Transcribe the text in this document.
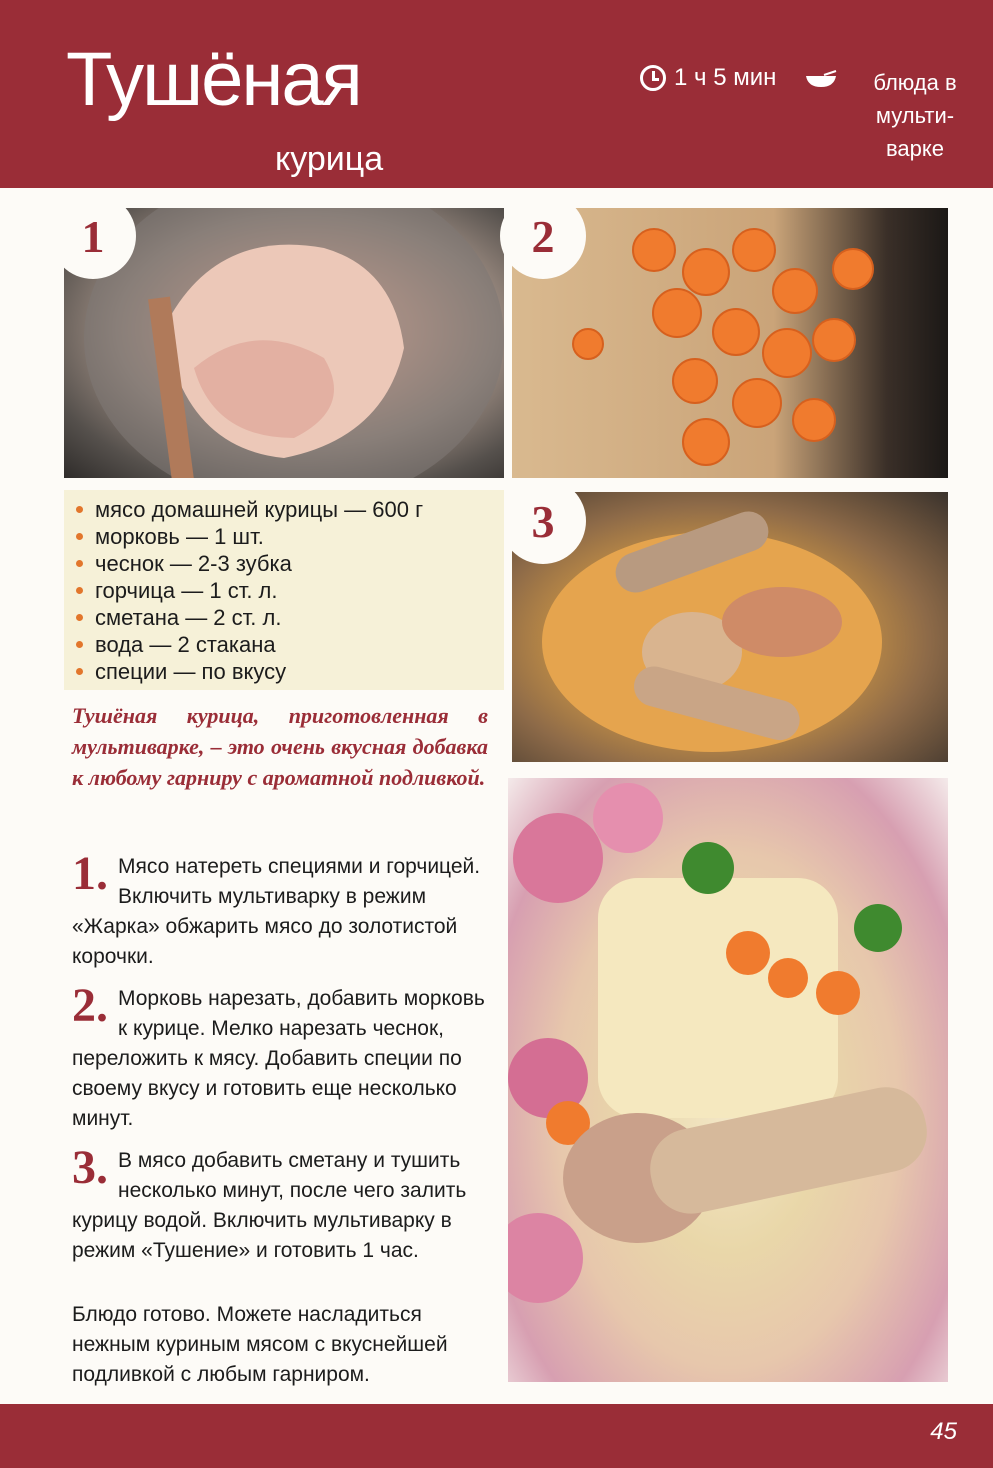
Тушёная
курица
1 ч 5 мин	блюда в
мульти-
варке
1	2
3
мясо домашней курицы — 600 г
морковь — 1 шт.
чеснок — 2-3 зубка
горчица — 1 ст. л.
сметана — 2 ст. л.
вода — 2 стакана
специи — по вкусу
Тушёная курица, приготовленная в мультиварке, – это очень вкусная добавка к любому гарниру с ароматной подливкой.
1. Мясо натереть специями и горчицей. Включить мультиварку в режим «Жарка» обжарить мясо до золотистой корочки.
2. Морковь нарезать, добавить морковь к курице. Мелко нарезать чеснок, переложить к мясу. Добавить специи по своему вкусу и готовить еще несколько минут.
3. В мясо добавить сметану и тушить несколько минут, после чего залить курицу водой. Включить мультиварку в режим «Тушение» и готовить 1 час.
Блюдо готово. Можете насладиться нежным куриным мясом с вкуснейшей подливкой с любым гарниром.
45
